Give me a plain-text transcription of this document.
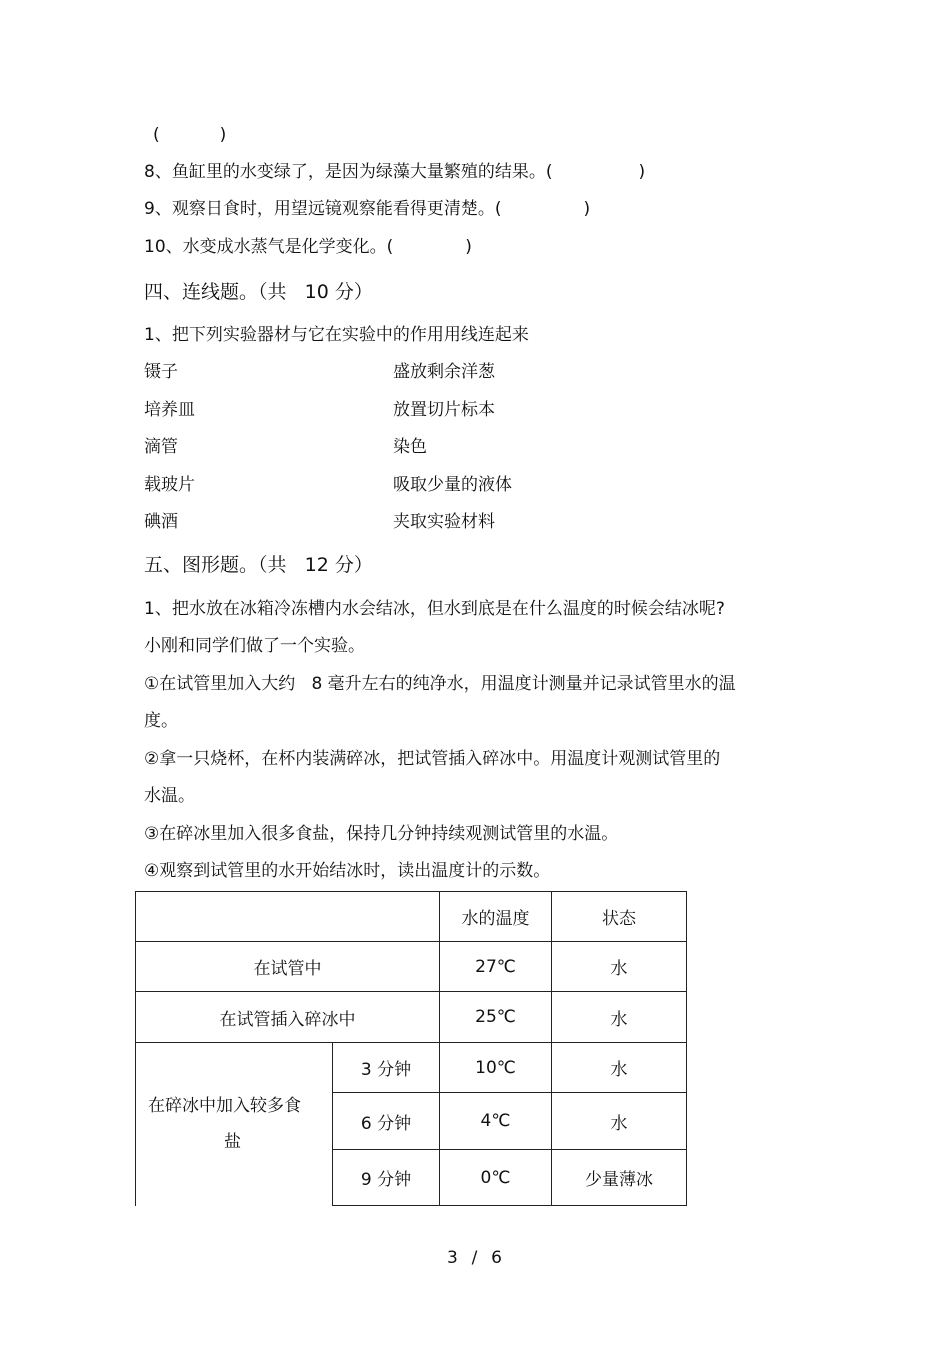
(	)
8、鱼缸里的水变绿了，是因为绿藻大量繁殖的结果。(	)
9、观察日食时，用望远镜观察能看得更清楚。(	)
10、水变成水蒸气是化学变化。(	)
四、连线题。（共   10 分）
1、把下列实验器材与它在实验中的作用用线连起来
镊子
培养皿
滴管
载玻片
碘酒
盛放剩余洋葱
放置切片标本
染色
吸取少量的液体
夹取实验材料
五、图形题。（共   12 分）
1、把水放在冰箱冷冻槽内水会结冰，但水到底是在什么温度的时候会结冰呢?
小刚和同学们做了一个实验。
①在试管里加入大约   8 毫升左右的纯净水，用温度计测量并记录试管里水的温
度。
②拿一只烧杯，在杯内装满碎冰，把试管插入碎冰中。用温度计观测试管里的
水温。
③在碎冰里加入很多食盐，保持几分钟持续观测试管里的水温。
④观察到试管里的水开始结冰时，读出温度计的示数。
		水的温度	状态
在试管中		27℃	水
在试管插入碎冰中		25℃	水

在碎冰中加入较多食
盐	3 分钟	10℃	水
	6 分钟	4℃	水
	9 分钟	0℃	少量薄冰
3  /  6
